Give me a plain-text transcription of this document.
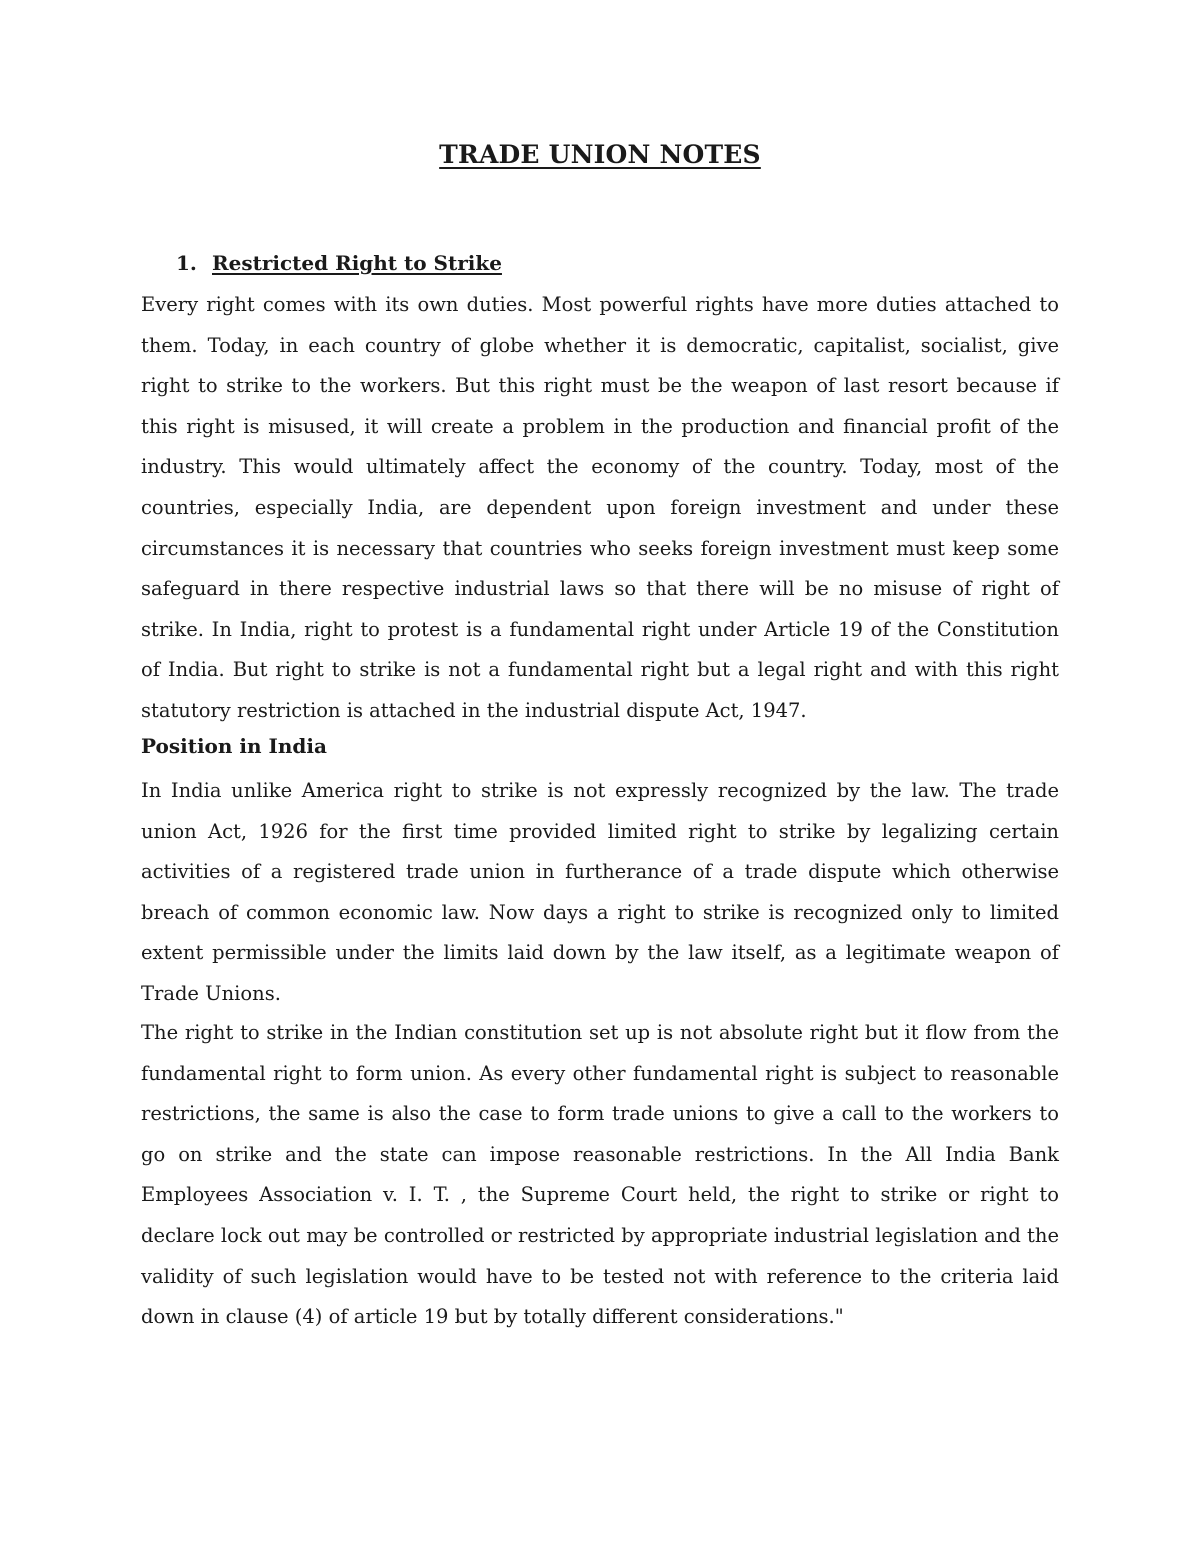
TRADE UNION NOTES
1. Restricted Right to Strike

Every right comes with its own duties. Most powerful rights have more duties attached to them. Today, in each country of globe whether it is democratic, capitalist, socialist, give right to strike to the workers. But this right must be the weapon of last resort because if this right is misused, it will create a problem in the production and financial profit of the industry. This would ultimately affect the economy of the country. Today, most of the countries, especially India, are dependent upon foreign investment and under these circumstances it is necessary that countries who seeks foreign investment must keep some safeguard in there respective industrial laws so that there will be no misuse of right of strike. In India, right to protest is a fundamental right under Article 19 of the Constitution of India. But right to strike is not a fundamental right but a legal right and with this right statutory restriction is attached in the industrial dispute Act, 1947.

Position in India

In India unlike America right to strike is not expressly recognized by the law. The trade union Act, 1926 for the first time provided limited right to strike by legalizing certain activities of a registered trade union in furtherance of a trade dispute which otherwise breach of common economic law. Now days a right to strike is recognized only to limited extent permissible under the limits laid down by the law itself, as a legitimate weapon of Trade Unions.

The right to strike in the Indian constitution set up is not absolute right but it flow from the fundamental right to form union. As every other fundamental right is subject to reasonable restrictions, the same is also the case to form trade unions to give a call to the workers to go on strike and the state can impose reasonable restrictions. In the All India Bank Employees Association v. I. T. , the Supreme Court held, the right to strike or right to declare lock out may be controlled or restricted by appropriate industrial legislation and the validity of such legislation would have to be tested not with reference to the criteria laid down in clause (4) of article 19 but by totally different considerations."
